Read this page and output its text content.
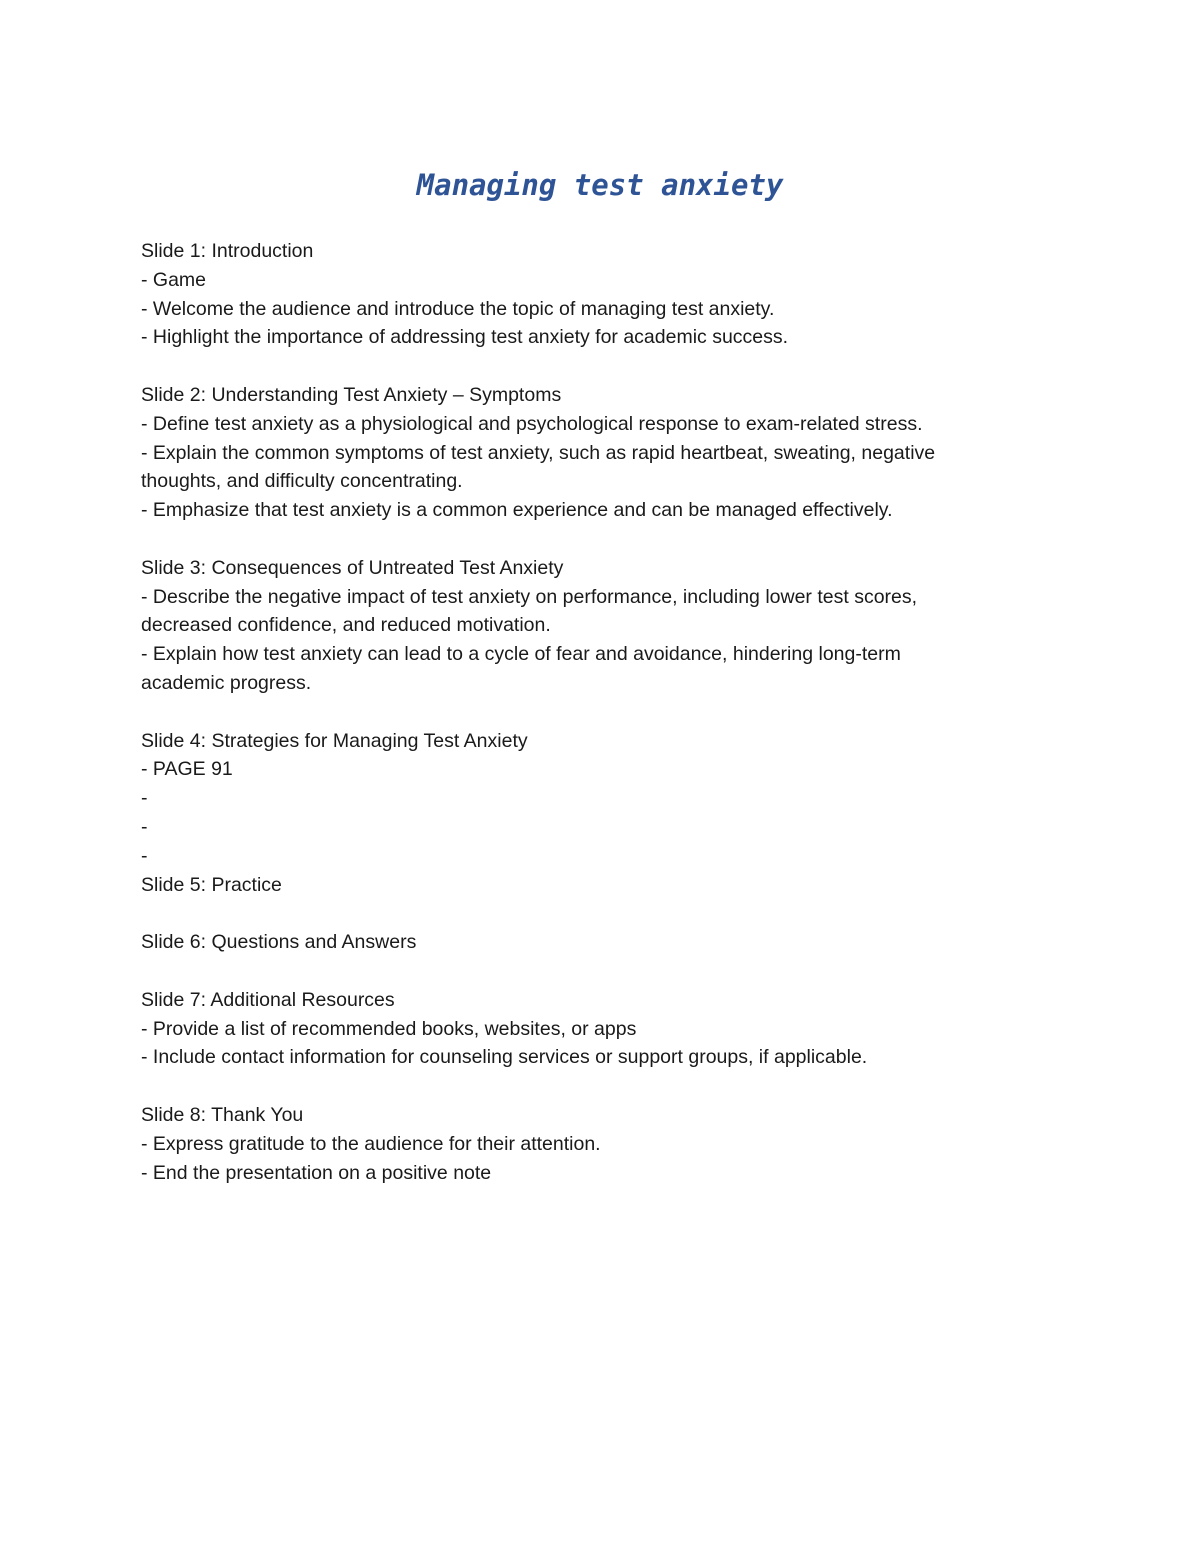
Managing test anxiety
Slide 1: Introduction
- Game
- Welcome the audience and introduce the topic of managing test anxiety.
- Highlight the importance of addressing test anxiety for academic success.
Slide 2: Understanding Test Anxiety – Symptoms
- Define test anxiety as a physiological and psychological response to exam-related stress.
- Explain the common symptoms of test anxiety, such as rapid heartbeat, sweating, negative
thoughts, and difficulty concentrating.
- Emphasize that test anxiety is a common experience and can be managed effectively.
Slide 3: Consequences of Untreated Test Anxiety
- Describe the negative impact of test anxiety on performance, including lower test scores,
decreased confidence, and reduced motivation.
- Explain how test anxiety can lead to a cycle of fear and avoidance, hindering long-term
academic progress.
Slide 4: Strategies for Managing Test Anxiety
- PAGE 91
-
-
-
Slide 5: Practice
Slide 6: Questions and Answers
Slide 7: Additional Resources
- Provide a list of recommended books, websites, or apps
- Include contact information for counseling services or support groups, if applicable.
Slide 8: Thank You
- Express gratitude to the audience for their attention.
- End the presentation on a positive note
